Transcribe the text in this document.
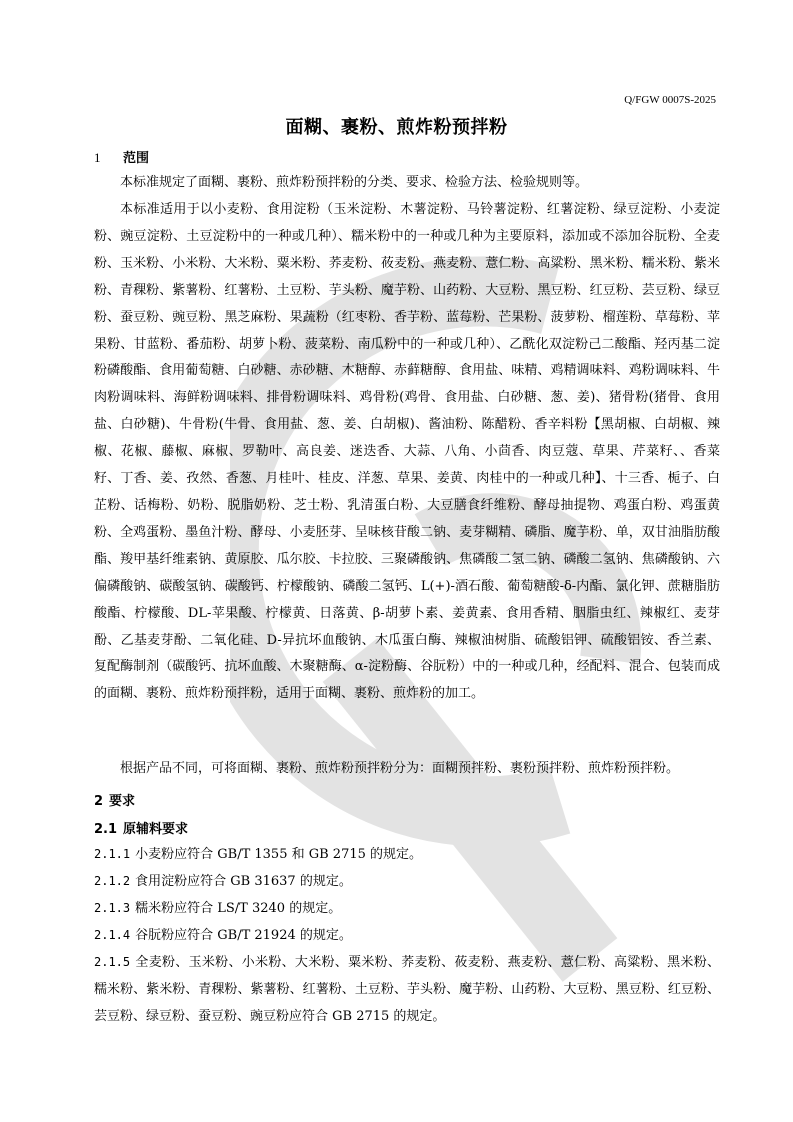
Q/FGW 0007S-2025
面糊、裹粉、煎炸粉预拌粉
1 范围

本标准规定了面糊、裹粉、煎炸粉预拌粉的分类、要求、检验方法、检验规则等。

本标准适用于以小麦粉、食用淀粉（玉米淀粉、木薯淀粉、马铃薯淀粉、红薯淀粉、绿豆淀粉、小麦淀粉、豌豆淀粉、土豆淀粉中的一种或几种）、糯米粉中的一种或几种为主要原料，添加或不添加谷朊粉、全麦粉、玉米粉、小米粉、大米粉、粟米粉、荞麦粉、莜麦粉、燕麦粉、薏仁粉、高粱粉、黑米粉、糯米粉、紫米粉、青稞粉、紫薯粉、红薯粉、土豆粉、芋头粉、魔芋粉、山药粉、大豆粉、黑豆粉、红豆粉、芸豆粉、绿豆粉、蚕豆粉、豌豆粉、黑芝麻粉、果蔬粉（红枣粉、香芋粉、蓝莓粉、芒果粉、菠萝粉、榴莲粉、草莓粉、苹果粉、甘蓝粉、番茄粉、胡萝卜粉、菠菜粉、南瓜粉中的一种或几种）、乙酰化双淀粉己二酸酯、羟丙基二淀粉磷酸酯、食用葡萄糖、白砂糖、赤砂糖、木糖醇、赤藓糖醇、食用盐、味精、鸡精调味料、鸡粉调味料、牛肉粉调味料、海鲜粉调味料、排骨粉调味料、鸡骨粉(鸡骨、食用盐、白砂糖、葱、姜)、猪骨粉(猪骨、食用盐、白砂糖)、牛骨粉(牛骨、食用盐、葱、姜、白胡椒)、酱油粉、陈醋粉、香辛料粉【黑胡椒、白胡椒、辣椒、花椒、藤椒、麻椒、罗勒叶、高良姜、迷迭香、大蒜、八角、小茴香、肉豆蔻、草果、芹菜籽、、香菜籽、丁香、姜、孜然、香葱、月桂叶、桂皮、洋葱、草果、姜黄、肉桂中的一种或几种】、十三香、栀子、白芷粉、话梅粉、奶粉、脱脂奶粉、芝士粉、乳清蛋白粉、大豆膳食纤维粉、酵母抽提物、鸡蛋白粉、鸡蛋黄粉、全鸡蛋粉、墨鱼汁粉、酵母、小麦胚芽、呈味核苷酸二钠、麦芽糊精、磷脂、魔芋粉、单，双甘油脂肪酸酯、羧甲基纤维素钠、黄原胶、瓜尔胶、卡拉胶、三聚磷酸钠、焦磷酸二氢二钠、磷酸二氢钠、焦磷酸钠、六偏磷酸钠、碳酸氢钠、碳酸钙、柠檬酸钠、磷酸二氢钙、L(+)-酒石酸、葡萄糖酸-δ-内酯、氯化钾、蔗糖脂肪酸酯、柠檬酸、DL-苹果酸、柠檬黄、日落黄、β-胡萝卜素、姜黄素、食用香精、胭脂虫红、辣椒红、麦芽酚、乙基麦芽酚、二氧化硅、D-异抗坏血酸钠、木瓜蛋白酶、辣椒油树脂、硫酸铝钾、硫酸铝铵、香兰素、复配酶制剂（碳酸钙、抗坏血酸、木聚糖酶、α-淀粉酶、谷朊粉）中的一种或几种，经配料、混合、包装而成的面糊、裹粉、煎炸粉预拌粉，适用于面糊、裹粉、煎炸粉的加工。

根据产品不同，可将面糊、裹粉、煎炸粉预拌粉分为：面糊预拌粉、裹粉预拌粉、煎炸粉预拌粉。

2 要求
2.1 原辅料要求

2.1.1 小麦粉应符合 GB/T 1355 和 GB 2715 的规定。

2.1.2 食用淀粉应符合 GB 31637 的规定。

2.1.3 糯米粉应符合 LS/T 3240 的规定。

2.1.4 谷朊粉应符合 GB/T 21924 的规定。

2.1.5 全麦粉、玉米粉、小米粉、大米粉、粟米粉、荞麦粉、莜麦粉、燕麦粉、薏仁粉、高粱粉、黑米粉、糯米粉、紫米粉、青稞粉、紫薯粉、红薯粉、土豆粉、芋头粉、魔芋粉、山药粉、大豆粉、黑豆粉、红豆粉、芸豆粉、绿豆粉、蚕豆粉、豌豆粉应符合 GB 2715 的规定。
